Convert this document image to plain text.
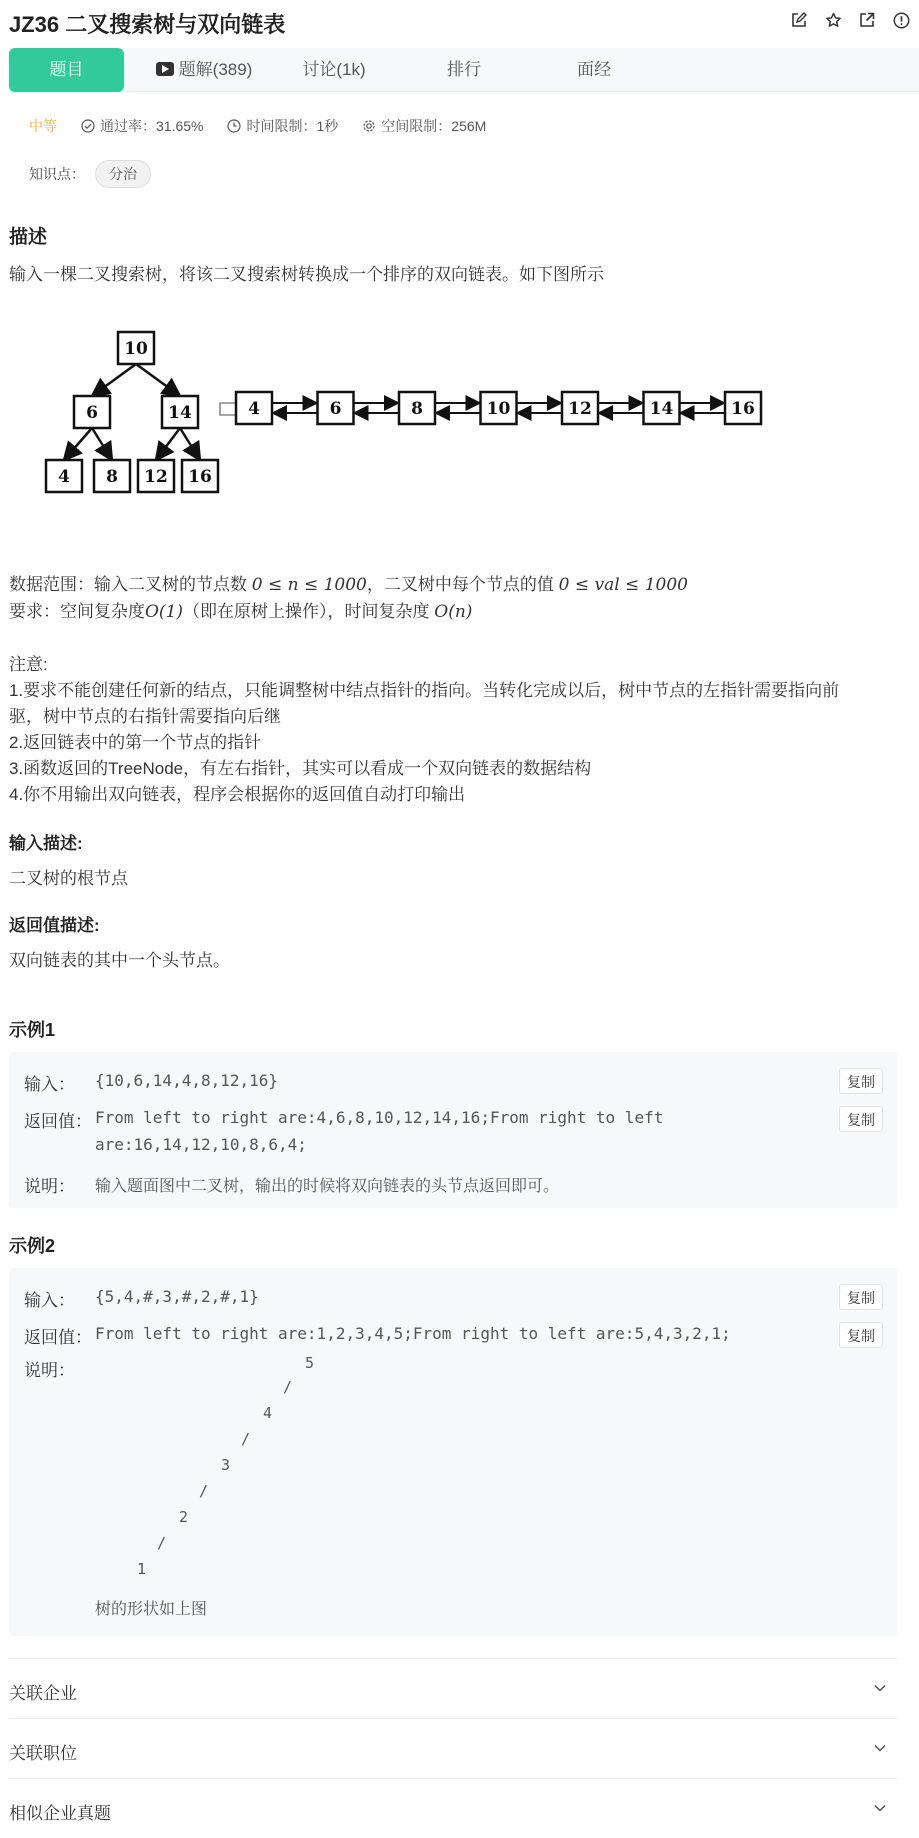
JZ36 二叉搜索树与双向链表
题目	题解(389)	讨论(1k)	排行	面经
中等	通过率：31.65%	时间限制：1秒	空间限制：256M
知识点：	分治
描述
输入一棵二叉搜索树，将该二叉搜索树转换成一个排序的双向链表。如下图所示
10
6	14
4 8 12 16
4	6	8	10	12	14	16
数据范围：输入二叉树的节点数 0 ≤ n ≤ 1000，二叉树中每个节点的值 0 ≤ val ≤ 1000
要求：空间复杂度O(1)（即在原树上操作），时间复杂度 O(n)
注意:
1.要求不能创建任何新的结点，只能调整树中结点指针的指向。当转化完成以后，树中节点的左指针需要指向前
驱，树中节点的右指针需要指向后继
2.返回链表中的第一个节点的指针
3.函数返回的TreeNode，有左右指针，其实可以看成一个双向链表的数据结构
4.你不用输出双向链表，程序会根据你的返回值自动打印输出
输入描述:
二叉树的根节点
返回值描述:
双向链表的其中一个头节点。
示例1
输入： {10,6,14,4,8,12,16}	复制
返回值： From left to right are:4,6,8,10,12,14,16;From right to left
are:16,14,12,10,8,6,4;
复制
说明： 输入题面图中二叉树，输出的时候将双向链表的头节点返回即可。
示例2
输入： {5,4,#,3,#,2,#,1}	复制
返回值： From left to right are:1,2,3,4,5;From right to left are:5,4,3,2,1;	复制
说明：	5
/
4
/
3
/
2
/
1
树的形状如上图
关联企业
关联职位
相似企业真题
